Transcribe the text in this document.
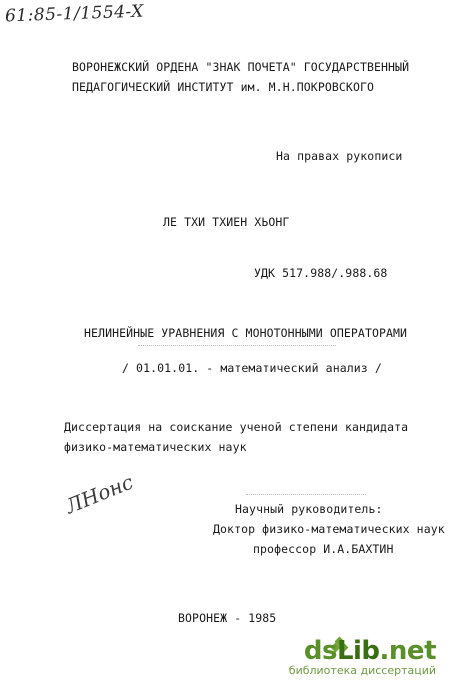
61:85-1/1554-X
ВОРОНЕЖСКИЙ ОРДЕНА "ЗНАК ПОЧЕТА" ГОСУДАРСТВЕННЫЙ
ПЕДАГОГИЧЕСКИЙ ИНСТИТУТ им. М.Н.ПОКРОВСКОГО
На правах рукописи
ЛЕ ТХИ ТХИЕН ХЬОНГ
УДК 517.988/.988.68
НЕЛИНЕЙНЫЕ УРАВНЕНИЯ С МОНОТОННЫМИ ОПЕРАТОРАМИ
/ 01.01.01. - математический анализ /
Диссертация на соискание ученой степени кандидата
физико-математических наук
ЛНонс	Научный руководитель:
Доктор физико-математических наук
профессор И.А.БАХТИН
ВОРОНЕЖ - 1985
dsLib.net
библиотека диссертаций
